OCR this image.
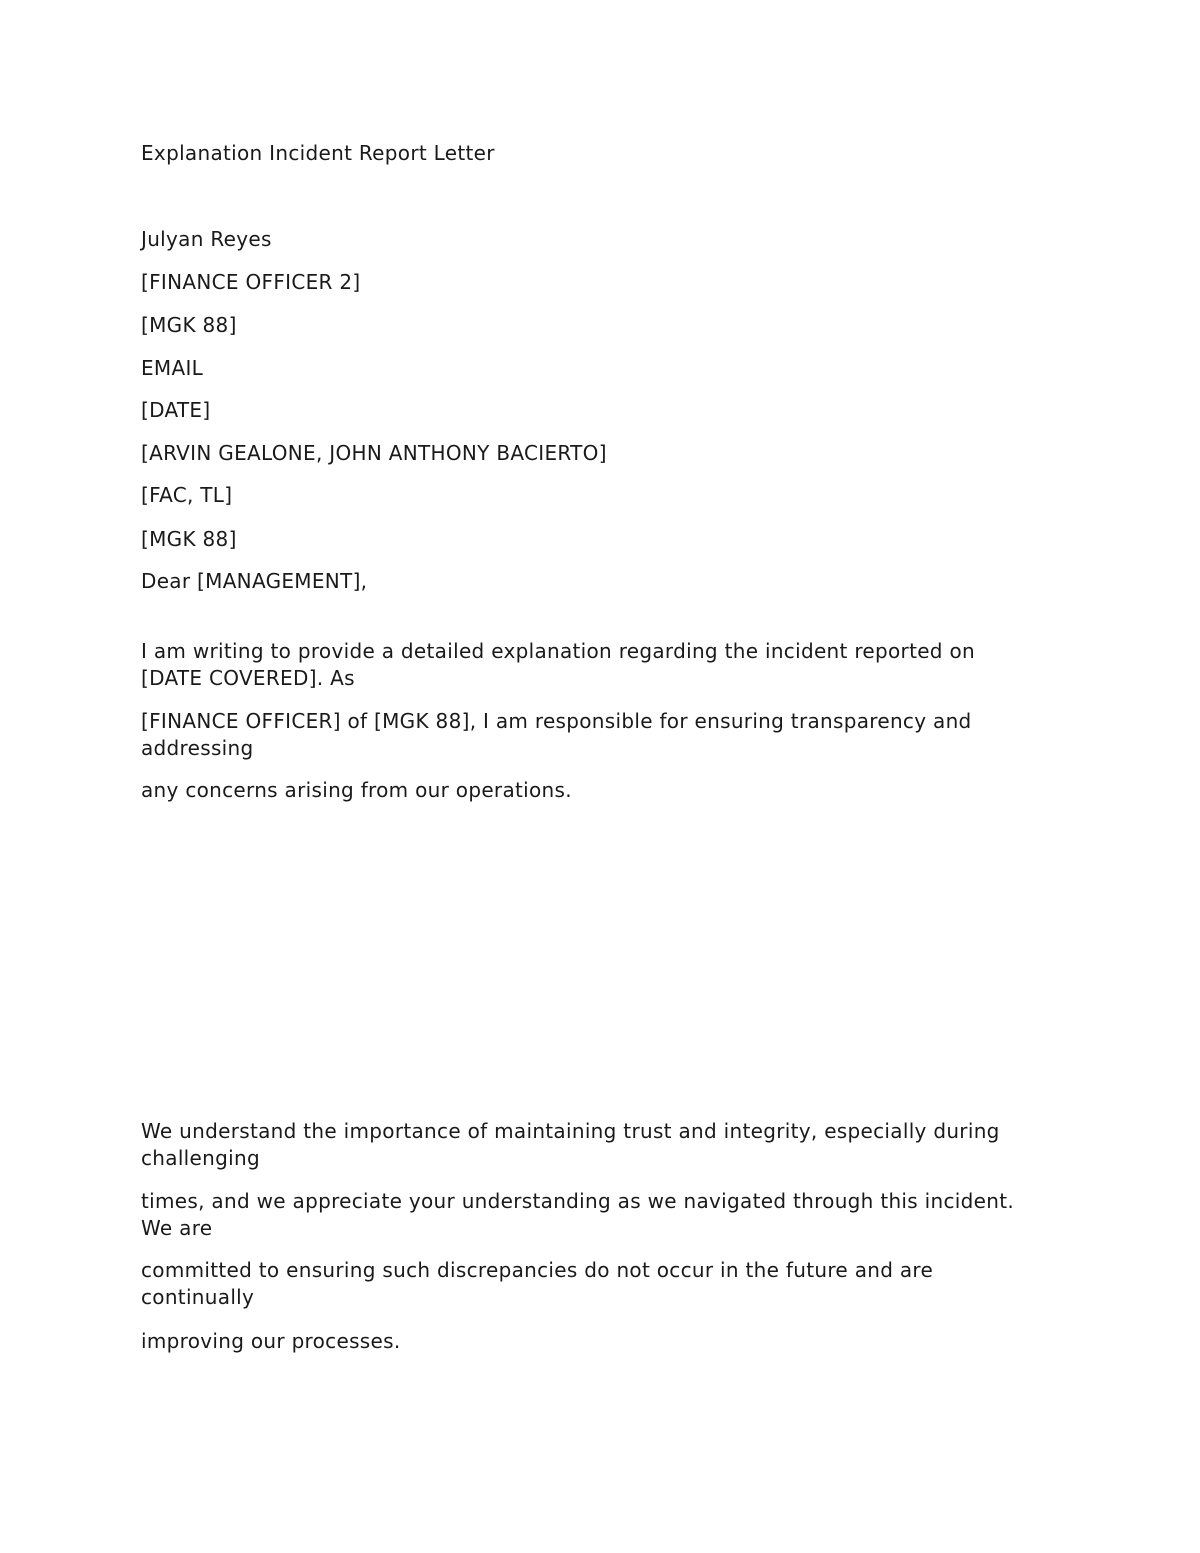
Explanation Incident Report Letter
Julyan Reyes
[FINANCE OFFICER 2]
[MGK 88]
EMAIL
[DATE]
[ARVIN GEALONE, JOHN ANTHONY BACIERTO]
[FAC, TL]
[MGK 88]
Dear [MANAGEMENT],
I am writing to provide a detailed explanation regarding the incident reported on
[DATE COVERED]. As
[FINANCE OFFICER] of [MGK 88], I am responsible for ensuring transparency and
addressing
any concerns arising from our operations.
We understand the importance of maintaining trust and integrity, especially during
challenging
times, and we appreciate your understanding as we navigated through this incident.
We are
committed to ensuring such discrepancies do not occur in the future and are
continually
improving our processes.
